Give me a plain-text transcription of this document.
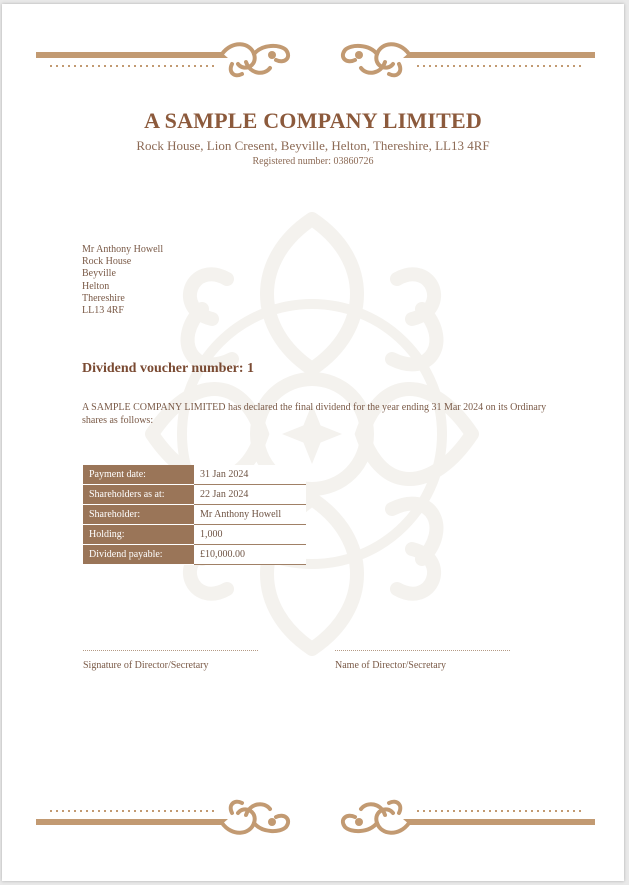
A SAMPLE COMPANY LIMITED
Rock House, Lion Cresent, Beyville, Helton, Thereshire, LL13 4RF
Registered number: 03860726
Mr Anthony Howell
Rock House
Beyville
Helton
Thereshire
LL13 4RF
Dividend voucher number: 1
A SAMPLE COMPANY LIMITED has declared the final dividend for the year ending 31 Mar 2024 on its Ordinary shares as follows:
Payment date:	31 Jan 2024
Shareholders as at:	22 Jan 2024
Shareholder:	Mr Anthony Howell
Holding:	1,000
Dividend payable:	£10,000.00
Signature of Director/Secretary	Name of Director/Secretary
